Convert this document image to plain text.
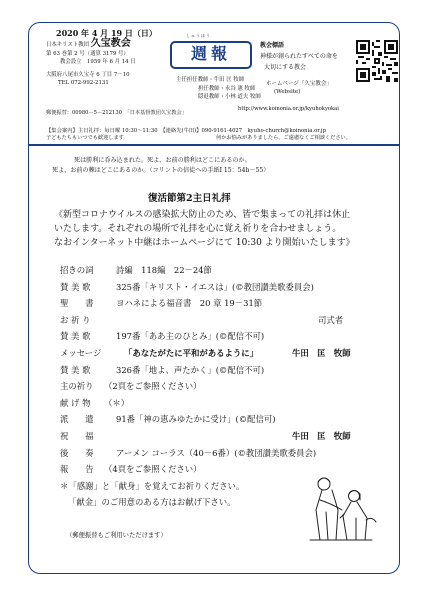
2020 年 4 月 19 日（日）	しゅうほう
週報
日本キリスト教団 久宝教会
第 63 巻第 2 号（通算 3179 号）
教会設立　1959 年 6 月 14 日
大阪府八尾市久宝寺 6 丁目 7－10
TEL 072-992-2131
主任担任教師・牛田 匡 牧師
担任教師・永谷 憲 牧師
隠退教師・小林 道夫 牧師
教会標語
神様が創られたすべての命を
大切にする教会
ホームページ「久宝教会」
(Website)
http://www.koinonia.or.jp/kyuhokyokai
郵便振替：00980－5－212130　「日本基督教団久宝教会」
【集会案内】主日礼拝：毎日曜 10:30～11:30　【連絡先(牛田)】090-9161-4027　kyuho-church@koinonia.or.jp
子どもたちもいつでも歓迎します	何かお悩みがありましたら、ご遠慮なくご相談ください。
死は勝利に呑み込まれた。死よ、お前の勝利はどこにあるのか。
死よ、お前の棘はどこにあるのか。（コリントの信徒への手紙Ⅰ 15：54b－55）
復活節第2主日礼拝
《新型コロナウイルスの感染拡大防止のため、皆で集まっての礼拝は休止
いたします。それぞれの場所で礼拝を心に覚え祈りを合わせましょう。
なおインターネット中継はホームページにて 10:30 より開始いたします》
招きの詞	詩編　118編　22－24節
賛 美 歌	325番「キリスト・イエスは」(©教団讃美歌委員会)
聖　　書	ヨハネによる福音書　20 章 19－31節
お 祈 り	司式者
賛 美 歌	197番「ああ主のひとみ」(©配信不可)
メッセージ	「あなたがたに平和があるように」	牛田　匡　牧師
賛 美 歌	326番「地よ、声たかく」(©配信不可)
主の祈り （2頁をご参照ください）
献 げ 物 （＊）
派　　遣	91番「神の恵みゆたかに受け」(©配信可)
祝　　福	牛田　匡　牧師
後　　奏	アーメン コーラス（40－6番）(©教団讃美歌委員会)
報　　告 （4頁をご参照ください）
＊「感謝」と「献身」を覚えてお祈りください。
「献金」のご用意のある方はお献げ下さい。
（郵便振替もご利用いただけます）
